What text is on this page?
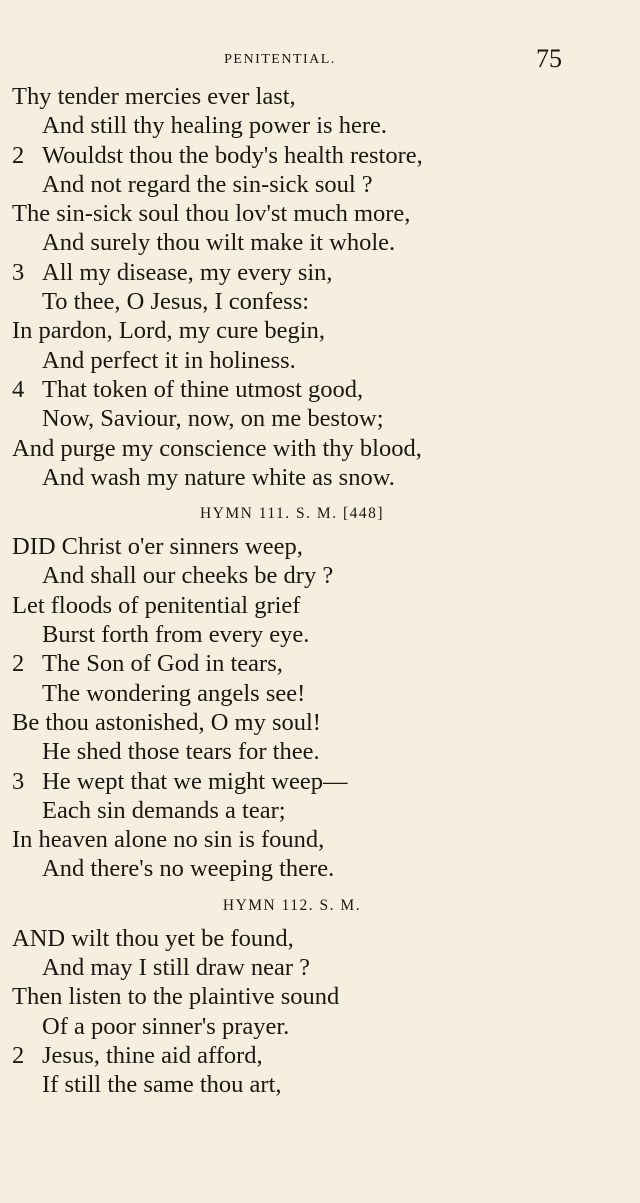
PENITENTIAL.	75
Thy tender mercies ever last,
And still thy healing power is here.
2 Wouldst thou the body's health restore,
And not regard the sin-sick soul ?
The sin-sick soul thou lov'st much more,
And surely thou wilt make it whole.
3 All my disease, my every sin,
To thee, O Jesus, I confess:
In pardon, Lord, my cure begin,
And perfect it in holiness.
4 That token of thine utmost good,
Now, Saviour, now, on me bestow;
And purge my conscience with thy blood,
And wash my nature white as snow.
HYMN 111. S. M. [448]
DID Christ o'er sinners weep,
And shall our cheeks be dry ?
Let floods of penitential grief
Burst forth from every eye.
2 The Son of God in tears,
The wondering angels see!
Be thou astonished, O my soul!
He shed those tears for thee.
3 He wept that we might weep—
Each sin demands a tear;
In heaven alone no sin is found,
And there's no weeping there.
HYMN 112. S. M.
AND wilt thou yet be found,
And may I still draw near ?
Then listen to the plaintive sound
Of a poor sinner's prayer.
2 Jesus, thine aid afford,
If still the same thou art,
